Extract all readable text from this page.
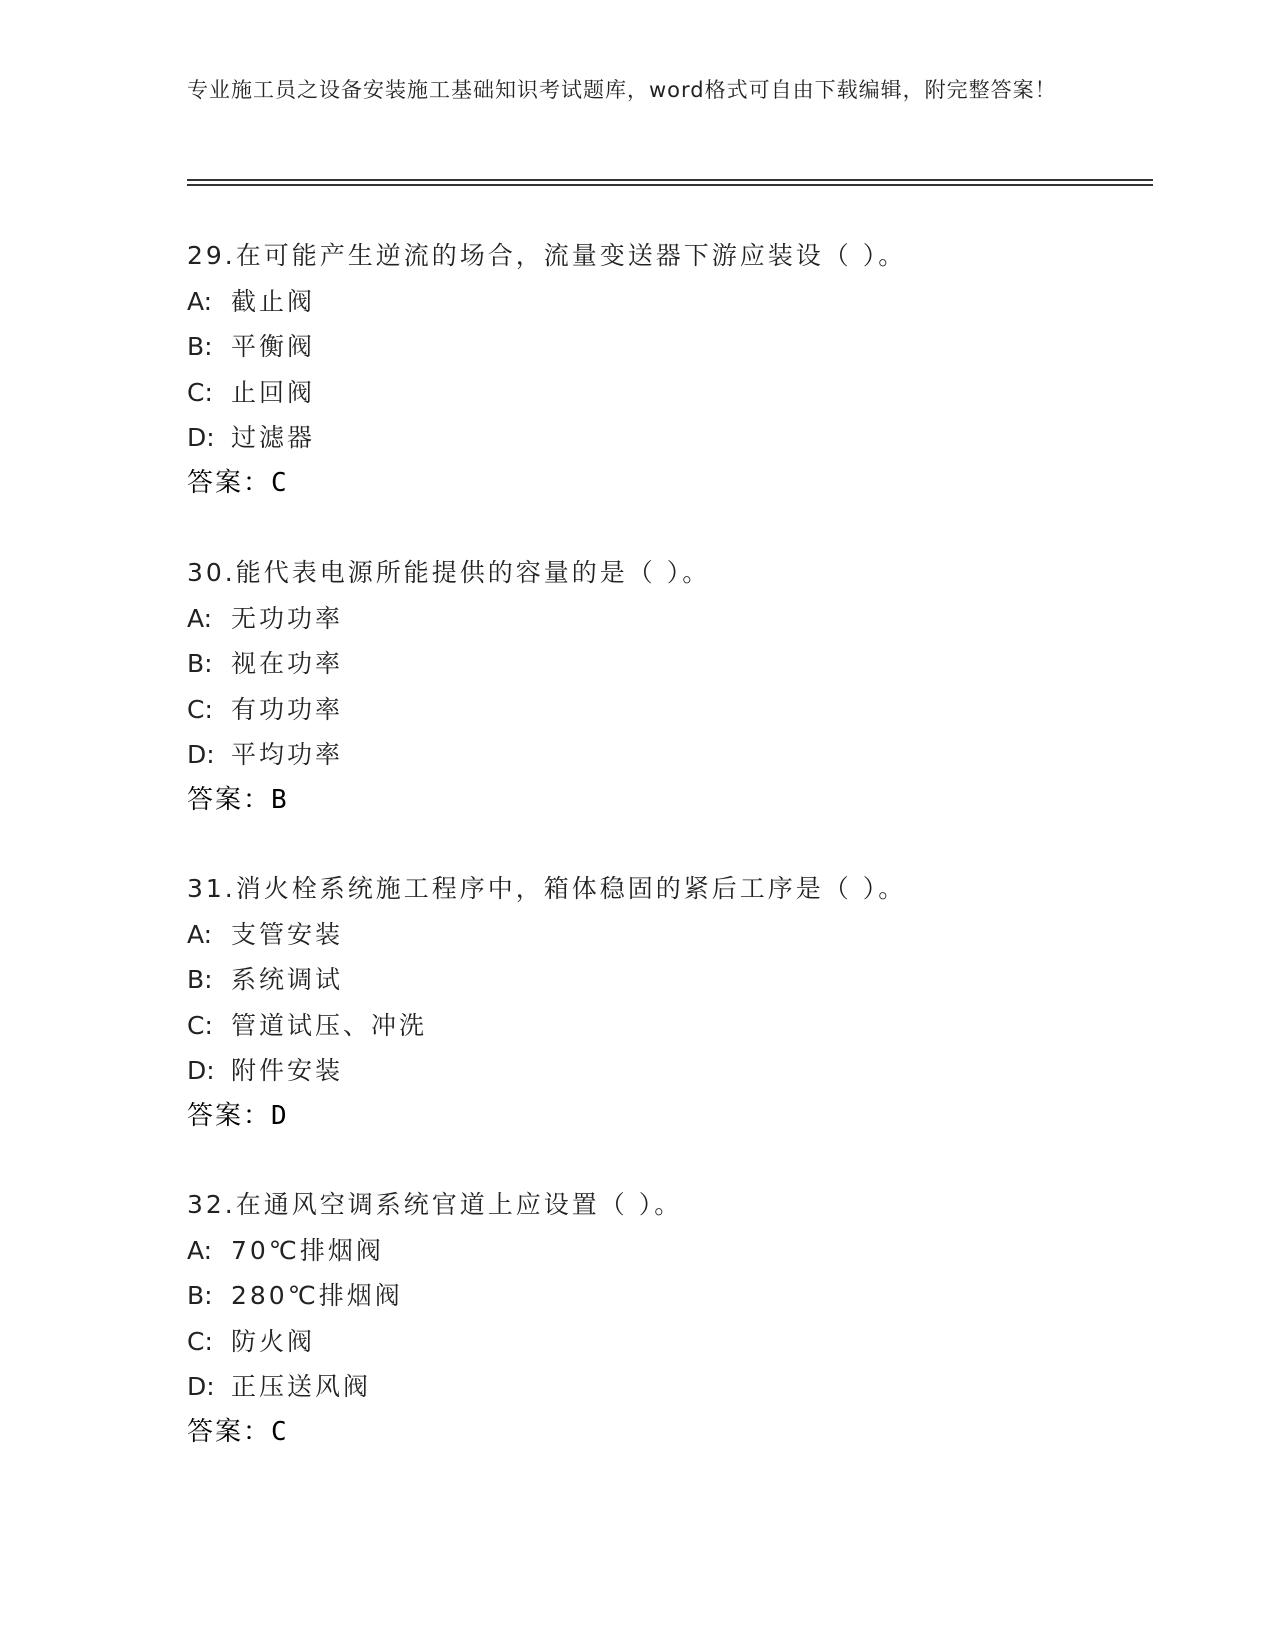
专业施工员之设备安装施工基础知识考试题库，word格式可自由下载编辑，附完整答案！
29.在可能产生逆流的场合，流量变送器下游应装设（ ）。
A: 截止阀
B: 平衡阀
C: 止回阀
D: 过滤器
答案：C
30.能代表电源所能提供的容量的是（ ）。
A: 无功功率
B: 视在功率
C: 有功功率
D: 平均功率
答案：B
31.消火栓系统施工程序中，箱体稳固的紧后工序是（ ）。
A: 支管安装
B: 系统调试
C: 管道试压、冲洗
D: 附件安装
答案：D
32.在通风空调系统官道上应设置（ ）。
A: 70℃排烟阀
B: 280℃排烟阀
C: 防火阀
D: 正压送风阀
答案：C
